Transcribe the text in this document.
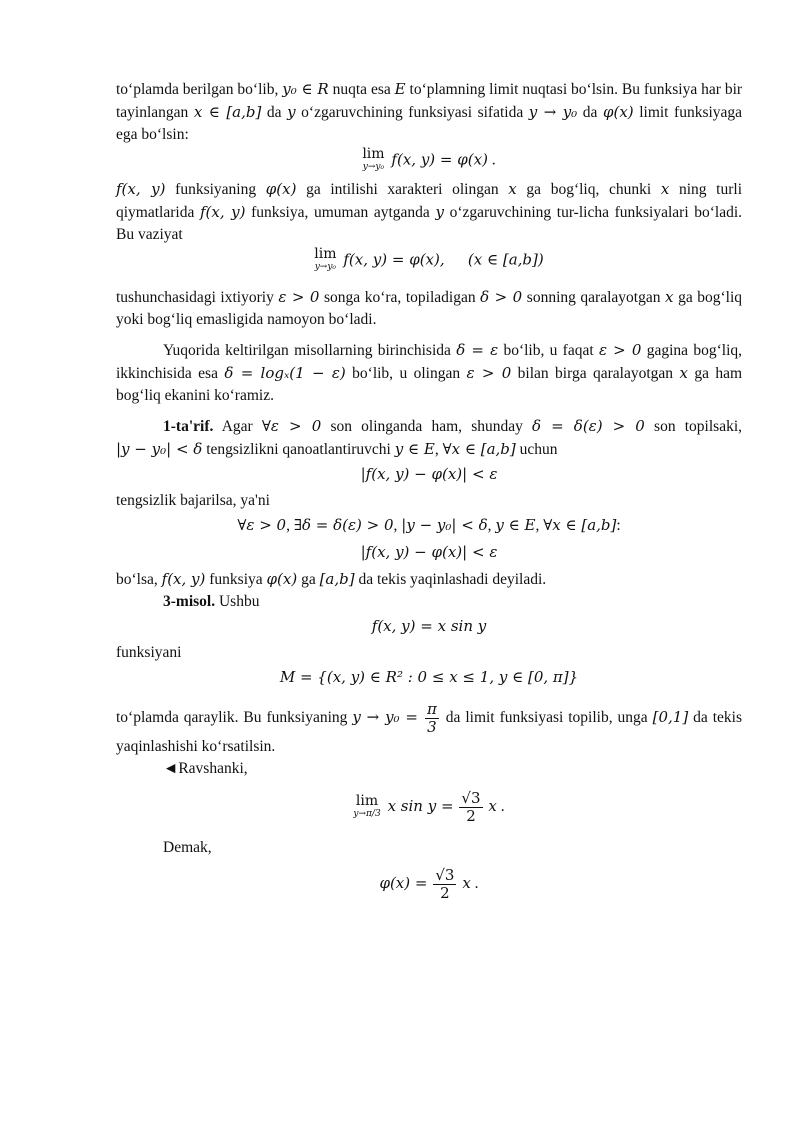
to‘plamda berilgan bo‘lib, y₀ ∈ R nuqta esa E to‘plamning limit nuqtasi bo‘lsin. Bu funksiya har bir tayinlangan x ∈ [a,b] da y o‘zgaruvchining funksiyasi sifatida y → y₀ da φ(x) limit funksiyaga ega bo‘lsin:

lim
y→y₀ f(x, y) = φ(x) .

f(x, y) funksiyaning φ(x) ga intilishi xarakteri olingan x ga bog‘liq, chunki x ning turli qiymatlarida f(x, y) funksiya, umuman aytganda y o‘zgaruvchining tur-licha funksiyalari bo‘ladi. Bu vaziyat

lim
y→y₀ f(x, y) = φ(x), (x ∈ [a,b])

tushunchasidagi ixtiyoriy ε > 0 songa ko‘ra, topiladigan δ > 0 sonning qaralayotgan x ga bog‘liq yoki bog‘liq emasligida namoyon bo‘ladi.

Yuqorida keltirilgan misollarning birinchisida δ = ε bo‘lib, u faqat ε > 0 gagina bog‘liq, ikkinchisida esa δ = logₓ(1 − ε) bo‘lib, u olingan ε > 0 bilan birga qaralayotgan x ga ham bog‘liq ekanini ko‘ramiz.

1-ta'rif. Agar ∀ε > 0 son olinganda ham, shunday δ = δ(ε) > 0 son topilsaki, |y − y₀| < δ tengsizlikni qanoatlantiruvchi y ∈ E, ∀x ∈ [a,b] uchun

|f(x, y) − φ(x)| < ε

tengsizlik bajarilsa, ya'ni

∀ε > 0, ∃δ = δ(ε) > 0, |y − y₀| < δ, y ∈ E, ∀x ∈ [a,b]:
|f(x, y) − φ(x)| < ε

bo‘lsa, f(x, y) funksiya φ(x) ga [a,b] da tekis yaqinlashadi deyiladi.

3-misol. Ushbu

f(x, y) = x sin y

funksiyani

M = {(x, y) ∈ R² : 0 ≤ x ≤ 1, y ∈ [0, π]}

to‘plamda qaraylik. Bu funksiyaning $y \to y_0 = \frac{\pi}{3}$ da limit funksiyasi topilib, unga [0,1] da tekis yaqinlashishi ko‘rsatilsin.

◄Ravshanki,

lim
y→π/3 x $\sin y = \frac{√3}{2}$ x .

Demak,

$\varphi(x) = \frac{√3}{2}$ x .
